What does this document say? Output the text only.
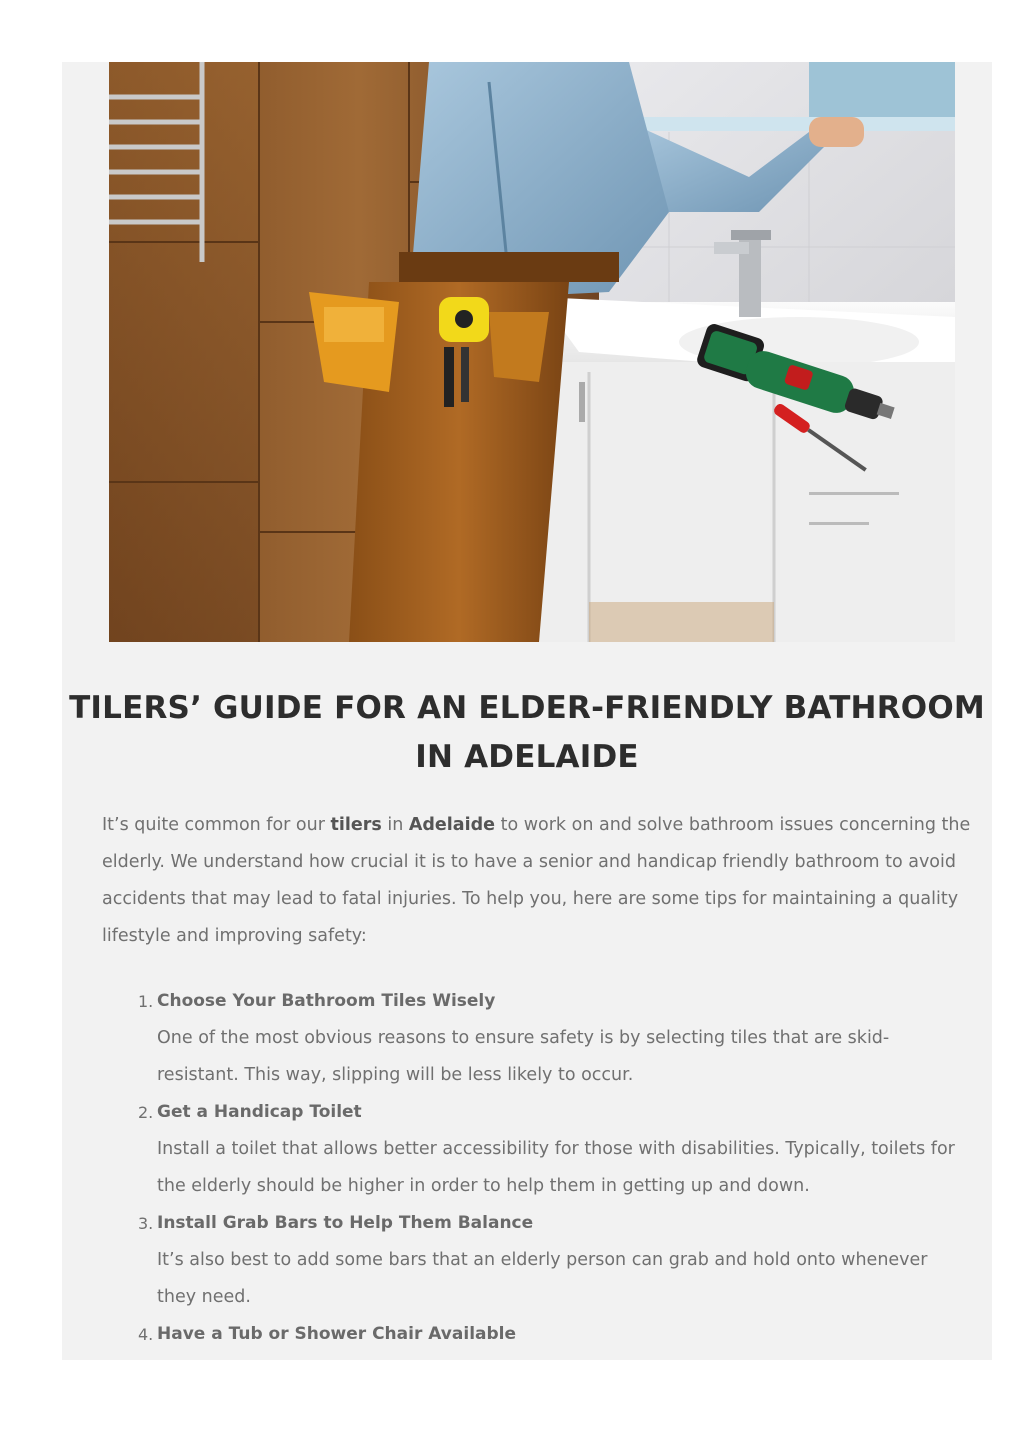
TILERS’ GUIDE FOR AN ELDER-FRIENDLY BATHROOM IN ADELAIDE

It’s quite common for our tilers in Adelaide to work on and solve bathroom issues concerning the elderly. We understand how crucial it is to have a senior and handicap friendly bathroom to avoid accidents that may lead to fatal injuries. To help you, here are some tips for maintaining a quality lifestyle and improving safety:

1. Choose Your Bathroom Tiles Wisely
One of the most obvious reasons to ensure safety is by selecting tiles that are skid-resistant. This way, slipping will be less likely to occur.
2. Get a Handicap Toilet
Install a toilet that allows better accessibility for those with disabilities. Typically, toilets for the elderly should be higher in order to help them in getting up and down.
3. Install Grab Bars to Help Them Balance
It’s also best to add some bars that an elderly person can grab and hold onto whenever they need.
4. Have a Tub or Shower Chair Available
